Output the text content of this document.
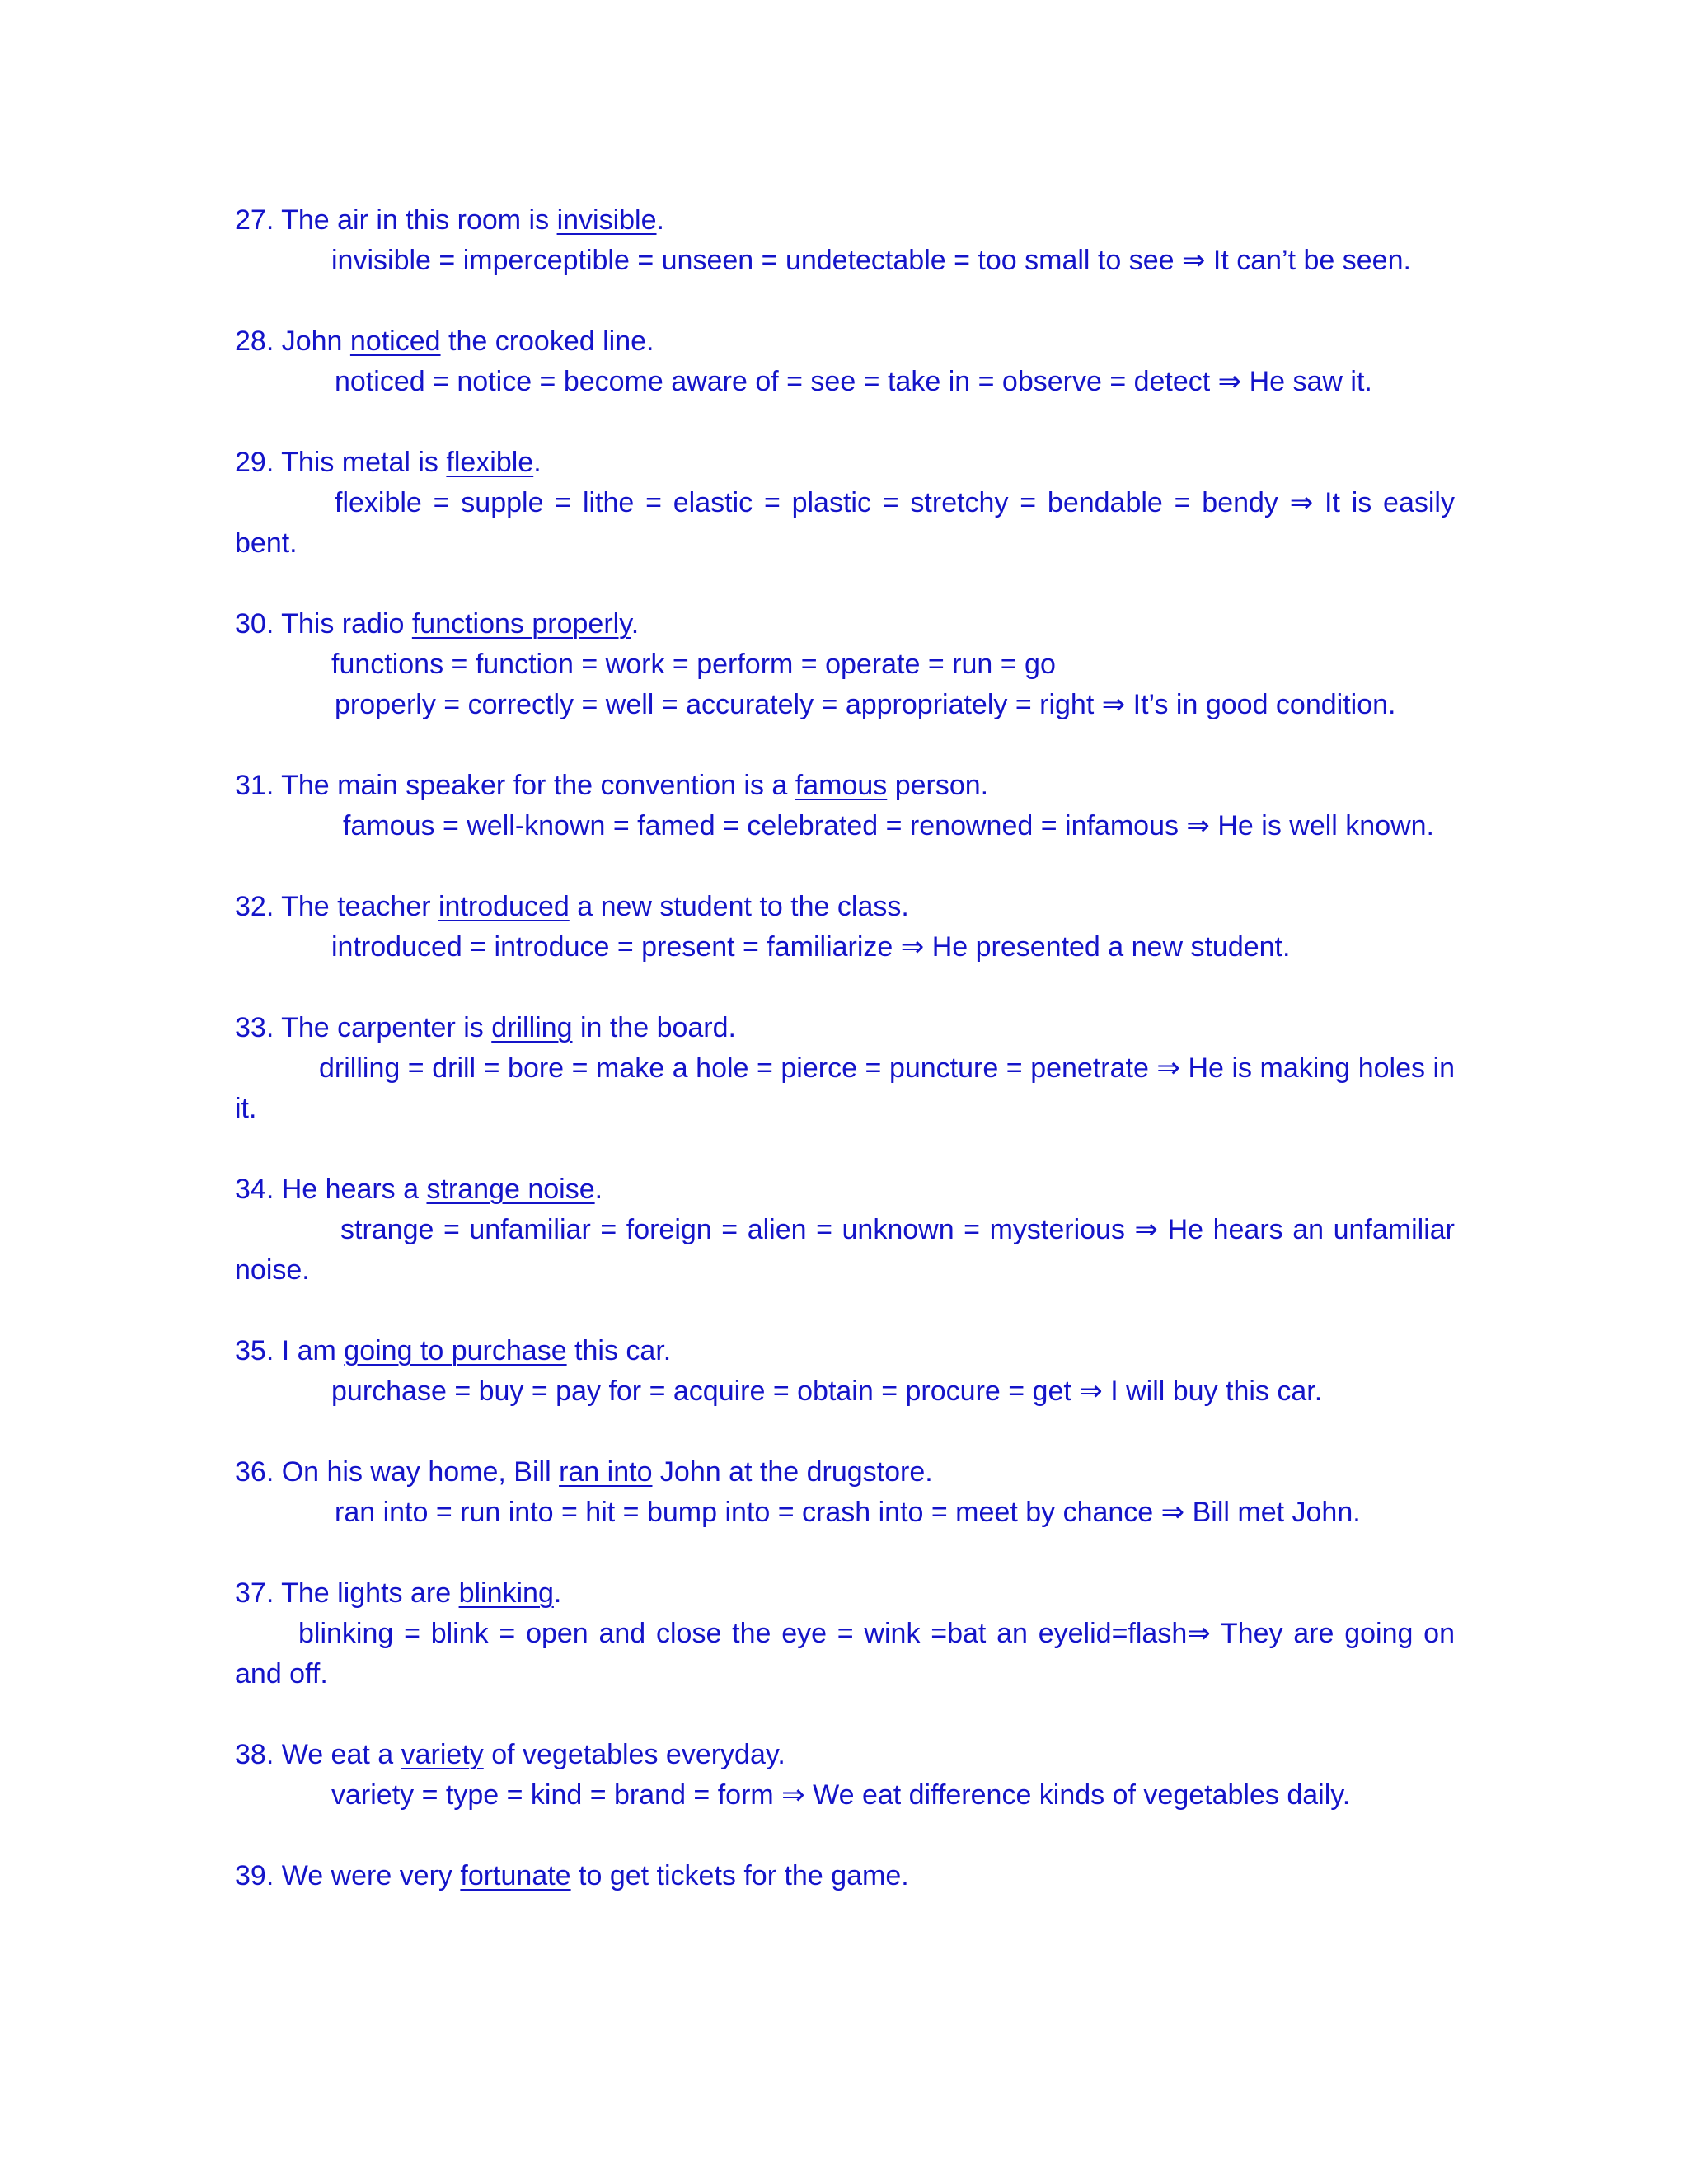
27. The air in this room is invisible.
invisible = imperceptible = unseen = undetectable = too small to see ⇒ It can’t be seen.
28. John noticed the crooked line.
noticed = notice = become aware of = see = take in = observe = detect ⇒ He saw it.
29. This metal is flexible.
flexible = supple = lithe = elastic = plastic = stretchy = bendable = bendy ⇒ It is easily bent.
30. This radio functions properly.
functions = function = work = perform = operate = run = go
properly = correctly = well = accurately = appropriately = right ⇒ It’s in good condition.
31. The main speaker for the convention is a famous person.
famous = well-known = famed = celebrated = renowned = infamous ⇒ He is well known.
32. The teacher introduced a new student to the class.
introduced = introduce = present = familiarize ⇒ He presented a new student.
33. The carpenter is drilling in the board.
drilling = drill = bore = make a hole = pierce = puncture = penetrate ⇒ He is making holes in it.
34. He hears a strange noise.
strange = unfamiliar = foreign = alien = unknown = mysterious ⇒ He hears an unfamiliar noise.
35. I am going to purchase this car.
purchase = buy = pay for = acquire = obtain = procure = get ⇒ I will buy this car.
36. On his way home, Bill ran into John at the drugstore.
ran into = run into = hit = bump into = crash into = meet by chance ⇒ Bill met John.
37. The lights are blinking.
blinking = blink = open and close the eye = wink =bat an eyelid=flash⇒ They are going on and off.
38. We eat a variety of vegetables everyday.
variety = type = kind = brand = form ⇒ We eat difference kinds of vegetables daily.
39. We were very fortunate to get tickets for the game.
